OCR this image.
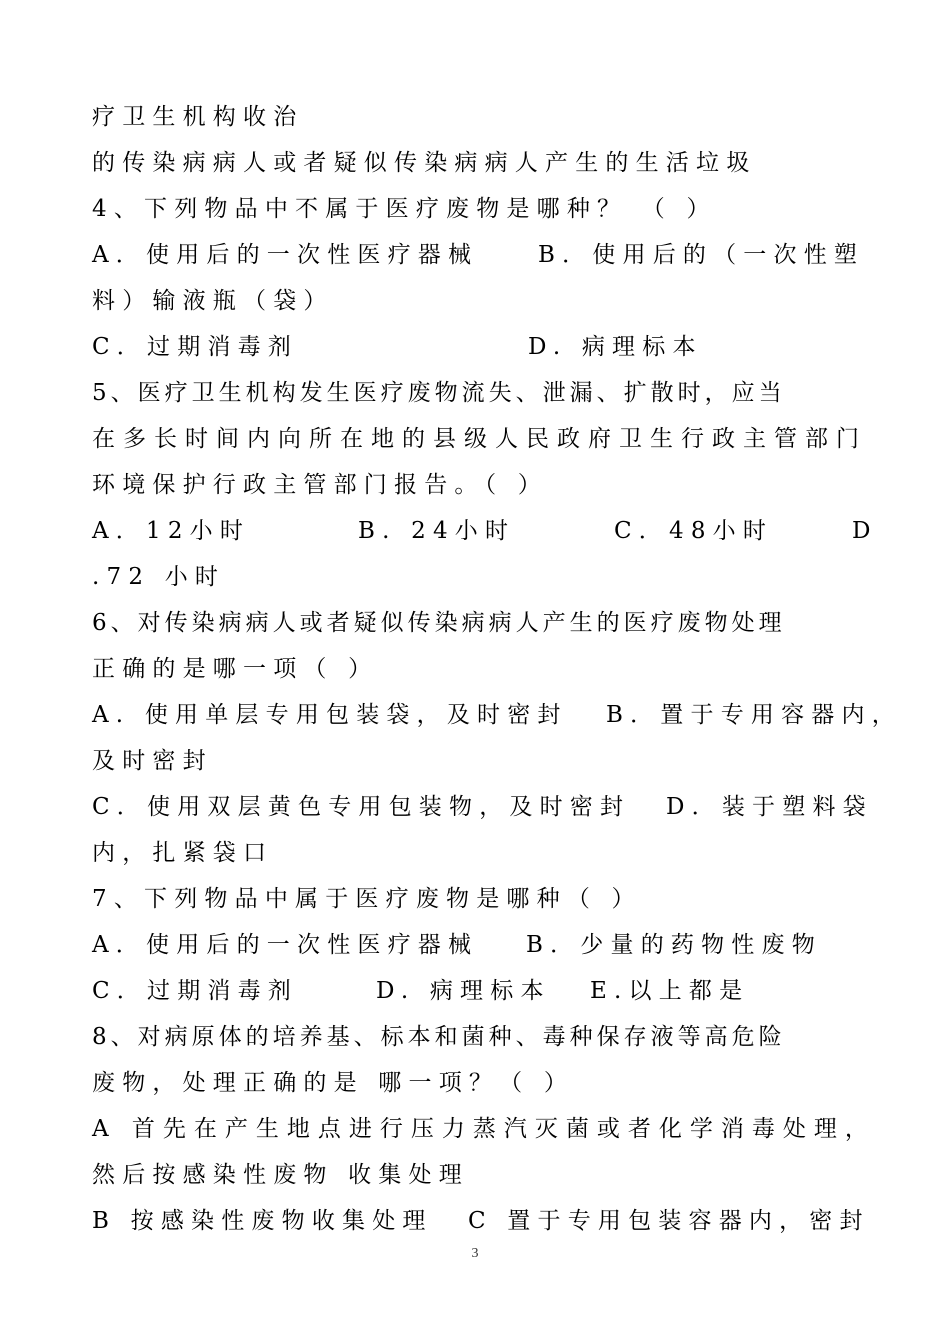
疗卫生机构收治
的传染病病人或者疑似传染病病人产生的生活垃圾
4、下列物品中不属于医疗废物是哪种？ （ ）
A．使用后的一次性医疗器械	B．使用后的（一次性塑
料）输液瓶（袋）
C．过期消毒剂	D. 病理标本
5、医疗卫生机构发生医疗废物流失、泄漏、扩散时，应当
在多长时间内向所在地的县级人民政府卫生行政主管部门
环境保护行政主管部门报告。（ ）
A．12小时	B. 24小时	C．48小时	D
.72 小时
6、对传染病病人或者疑似传染病病人产生的医疗废物处理
正确的是哪一项（ ）
A. 使用单层专用包装袋，及时密封 B．置于专用容器内，
及时密封
C．使用双层黄色专用包装物，及时密封 D．装于塑料袋
内，扎紧袋口
7、下列物品中属于医疗废物是哪种（ ）
A．使用后的一次性医疗器械 B．少量的药物性废物
C．过期消毒剂	D. 病理标本 E.以上都是
8、对病原体的培养基、标本和菌种、毒种保存液等高危险
废物，处理正确的是 哪一项？（ ）
A 首先在产生地点进行压力蒸汽灭菌或者化学消毒处理，
然后按感染性废物 收集处理
B 按感染性废物收集处理 C 置于专用包装容器内，密封
3
